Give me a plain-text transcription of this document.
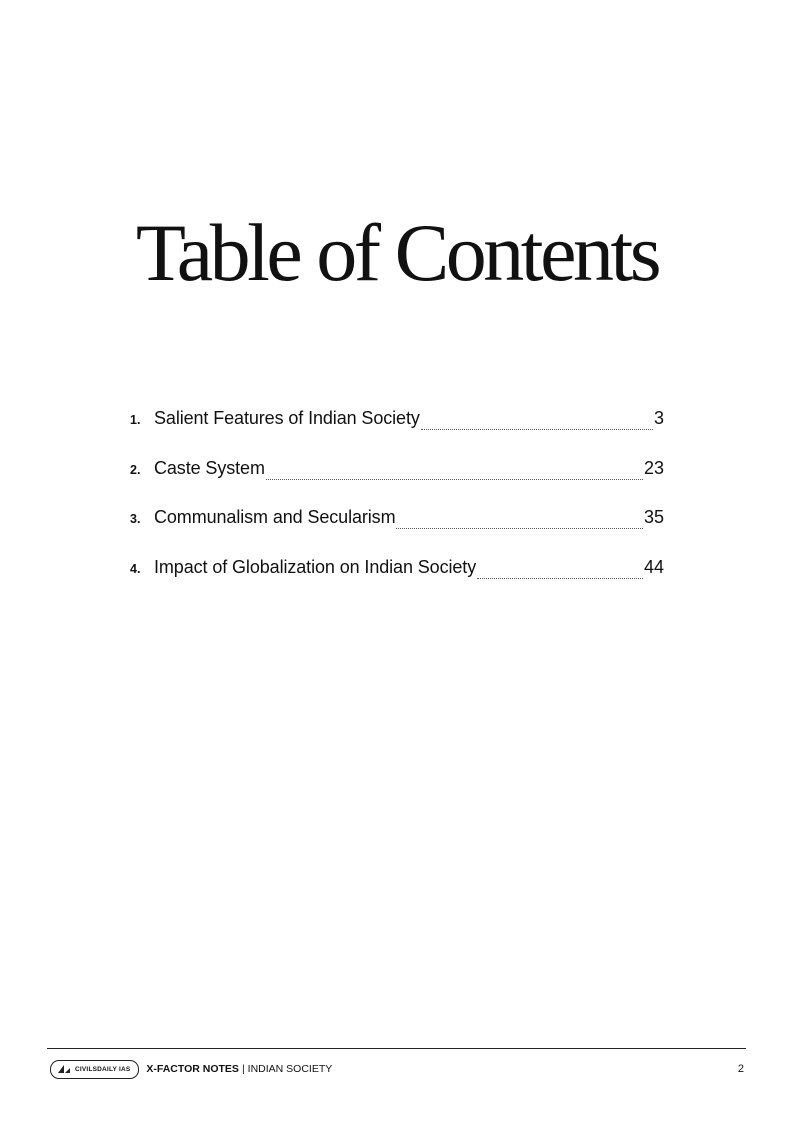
Table of Contents
1. Salient Features of Indian Society	3
2. Caste System	23
3. Communalism and Secularism	35
4. Impact of Globalization on Indian Society	44
CIVILSDAILY IAS X-FACTOR NOTES | INDIAN SOCIETY	2
